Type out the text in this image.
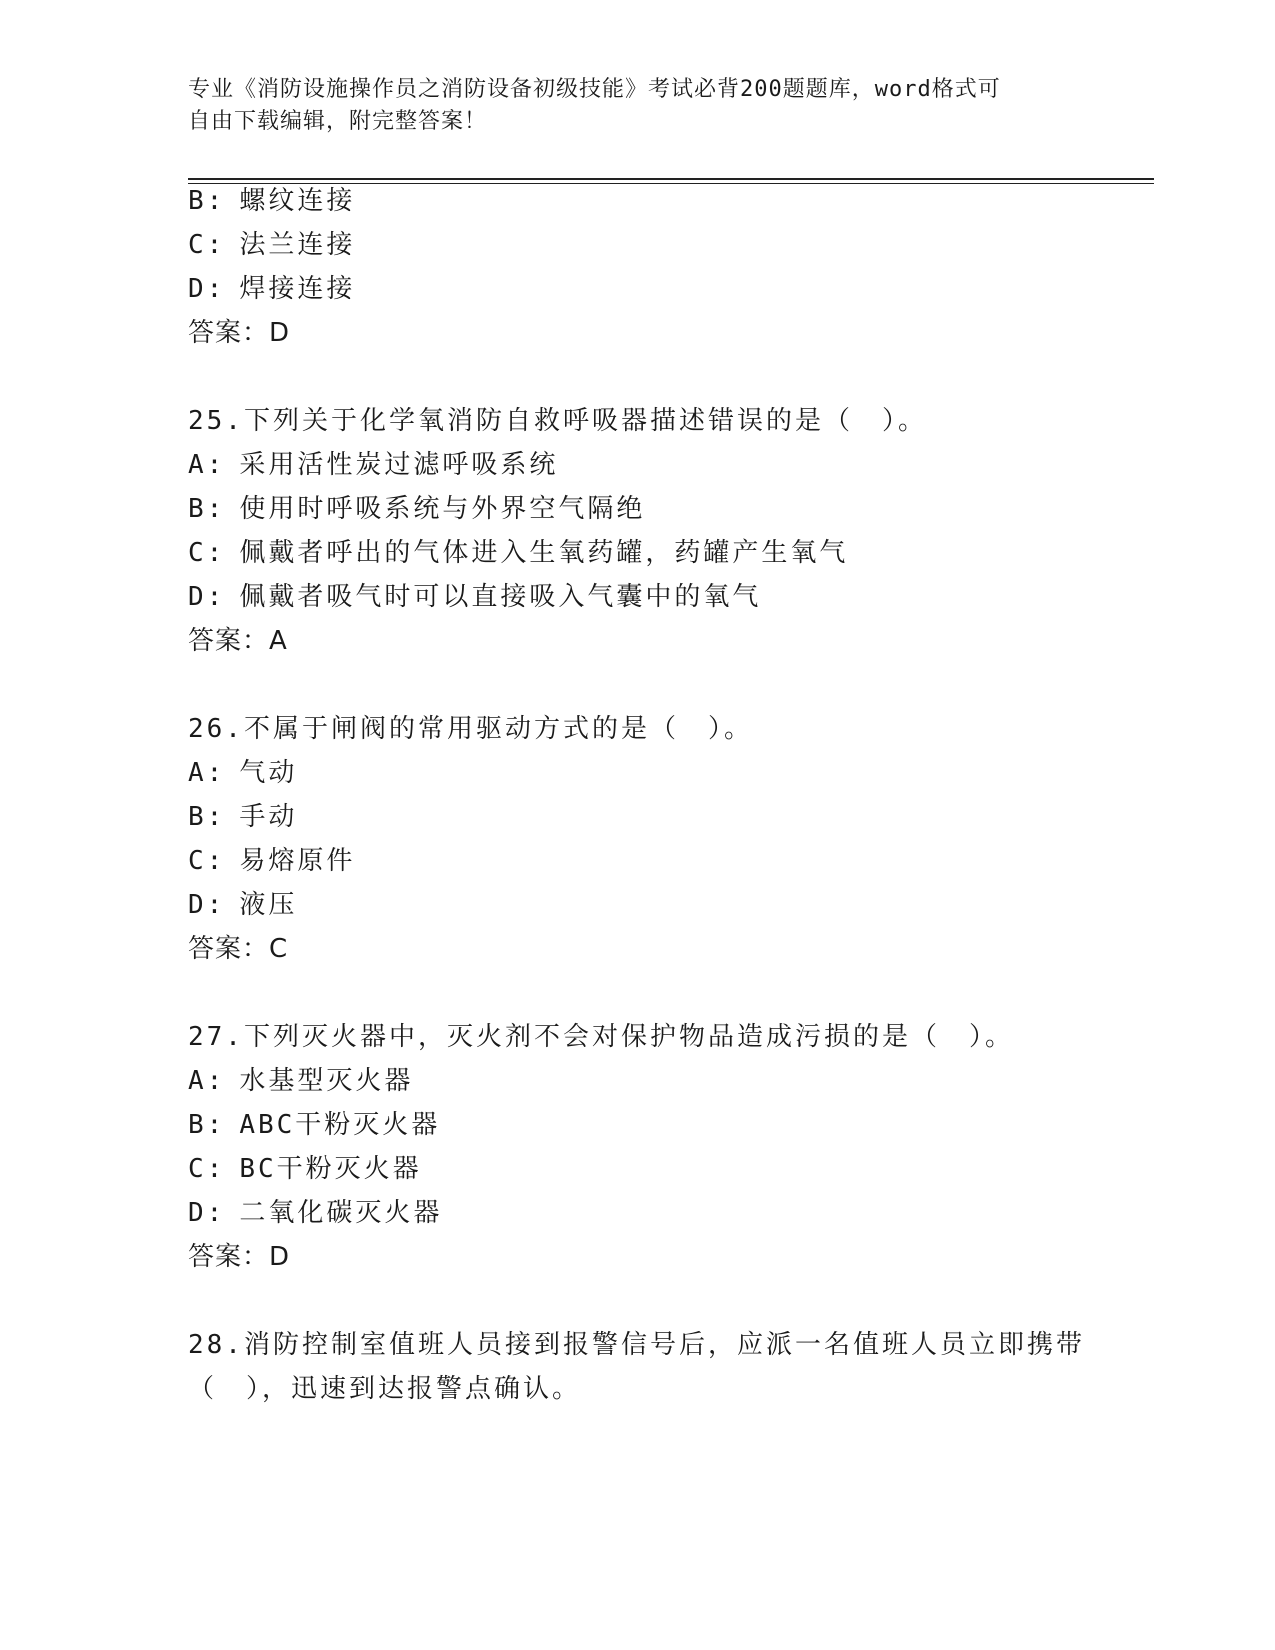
专业《消防设施操作员之消防设备初级技能》考试必背200题题库，word格式可
自由下载编辑，附完整答案！
B: 螺纹连接
C: 法兰连接
D: 焊接连接
答案：D
25.下列关于化学氧消防自救呼吸器描述错误的是（　）。
A: 采用活性炭过滤呼吸系统
B: 使用时呼吸系统与外界空气隔绝
C: 佩戴者呼出的气体进入生氧药罐，药罐产生氧气
D: 佩戴者吸气时可以直接吸入气囊中的氧气
答案：A
26.不属于闸阀的常用驱动方式的是（　）。
A: 气动
B: 手动
C: 易熔原件
D: 液压
答案：C
27.下列灭火器中，灭火剂不会对保护物品造成污损的是（　）。
A: 水基型灭火器
B: ABC干粉灭火器
C: BC干粉灭火器
D: 二氧化碳灭火器
答案：D
28.消防控制室值班人员接到报警信号后，应派一名值班人员立即携带
（　），迅速到达报警点确认。
